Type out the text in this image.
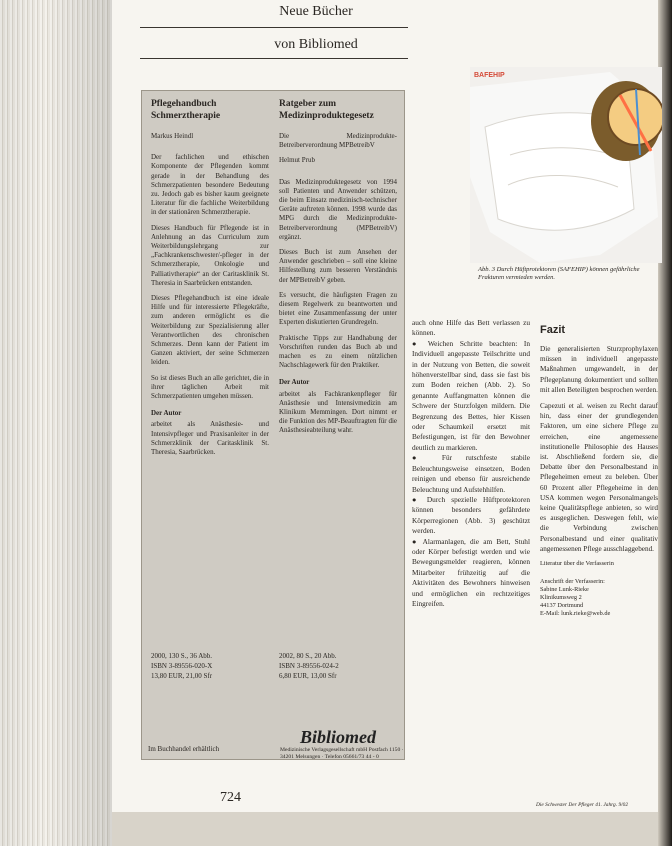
Neue Bücher
von Bibliomed
Pflegehandbuch Schmerztherapie
Markus Heindl

Der fachlichen und ethischen Komponente der Pflegenden kommt gerade in der Behandlung des Schmerzpatienten besondere Bedeutung zu. Jedoch gab es bisher kaum geeignete Literatur für die fachliche Weiterbildung in der stationären Schmerztherapie.

Dieses Handbuch für Pflegende ist in Anlehnung an das Curriculum zum Weiterbildungslehrgang zur „Fachkrankenschwester/-pfleger in der Schmerztherapie, Onkologie und Palliativtherapie“ an der Caritasklinik St. Theresia in Saarbrücken entstanden.

Dieses Pflegehandbuch ist eine ideale Hilfe und für interessierte Pflegekräfte, zum anderen ermöglicht es die Weiterbildung zur Spezialisierung aller Verantwortlichen des chronischen Schmerzes. Denn kann der Patient im Ganzen aktiviert, der seine Schmerzen leiden.

So ist dieses Buch an alle gerichtet, die in ihrer täglichen Arbeit mit Schmerzpatienten umgehen müssen.

Der Autor

arbeitet als Anästhesie- und Intensivpfleger und Praxisanleiter in der Schmerzklinik der Caritasklinik St. Theresia, Saarbrücken.

2000, 130 S., 36 Abb.
ISBN 3-89556-020-X
13,80 EUR, 21,00 Sfr
Ratgeber zum Medizinproduktegesetz

Die Medizinprodukte-Betreiberverordnung MPBetreibV

Helmut Prub

Das Medizinproduktegesetz von 1994 soll Patienten und Anwender schützen, die beim Einsatz medizinisch-technischer Geräte auftreten können. 1998 wurde das MPG durch die Medizinprodukte-Betreiberverordnung (MPBetreibV) ergänzt.

Dieses Buch ist zum Ansehen der Anwender geschrieben – soll eine kleine Hilfestellung zum besseren Verständnis der MPBetreibV geben.

Es versucht, die häufigsten Fragen zu diesem Regelwerk zu beantworten und bietet eine Zusammenfassung der unter Experten diskutierten Grundregeln.

Praktische Tipps zur Handhabung der Vorschriften runden das Buch ab und machen es zu einem nützlichen Nachschlagewerk für den Praktiker.

Der Autor

arbeitet als Fachkrankenpfleger für Anästhesie und Intensivmedizin am Klinikum Memmingen. Dort nimmt er die Funktion des MP-Beauftragten für die Anästhesieabteilung wahr.

2002, 80 S., 20 Abb.
ISBN 3-89556-024-2
6,80 EUR, 13,00 Sfr
Im Buchhandel erhältlich
Bibliomed
Medizinische Verlagsgesellschaft mbH Postfach 1150 · 34201 Melsungen · Telefon 05661/73 44 - 0
BAFEHIP
Abb. 3 Durch Hüftprotektoren (SAFEHIP) können gefährliche Frakturen vermieden werden.

auch ohne Hilfe das Bett verlassen zu können.

● Weichen Schritte beachten: In Individuell angepasste Teilschritte und in der Nutzung von Betten, die soweit höhenverstellbar sind, dass sie fast bis zum Boden reichen (Abb. 2). So genannte Auffangmatten können die Schwere der Sturzfolgen mildern. Die Begrenzung des Bettes, hier Kissen oder Schaumkeil ersetzt mit Befestigungen, ist für den Bewohner deutlich zu markieren.

● Für rutschfeste stabile Beleuchtungsweise einsetzen, Boden reinigen und ebenso für ausreichende Beleuchtung und Aufstehhilfen.

● Durch spezielle Hüftprotektoren können besonders gefährdete Körperregionen (Abb. 3) geschützt werden.

● Alarmanlagen, die am Bett, Stuhl oder Körper befestigt werden und wie Bewegungsmelder reagieren, können Mitarbeiter frühzeitig auf die Aktivitäten des Bewohners hinweisen und ermöglichen ein rechtzeitiges Eingreifen.

Fazit

Die generalisierten Sturzprophylaxen müssen in individuell angepasste Maßnahmen umgewandelt, in der Pflegeplanung dokumentiert und sollten mit allen Beteiligten besprochen werden.

Capezuti et al. weisen zu Recht darauf hin, dass einer der grundlegenden Faktoren, um eine sichere Pflege zu erreichen, eine angemessene institutionelle Philosophie des Hauses ist. Abschließend fordern sie, die Debatte über den Personalbestand in Pflegeheimen erneut zu beleben. Über 60 Prozent aller Pflegeheime in den USA kommen wegen Personalmangels keine Qualitätspflege anbieten, so wird es ausgeglichen. Deswegen fehlt, wie die Verbindung zwischen Personalbestand und einer qualitativ angemessenen Pflege ausschlaggebend.

Literatur über die Verfasserin
Anschrift der Verfasserin:
Sabine Lunk-Rieke
Klinikumsweg 2
44137 Dortmund
E-Mail: lunk.rieke@web.de
724	Die Schwester Der Pfleger 41. Jahrg. 9/02
